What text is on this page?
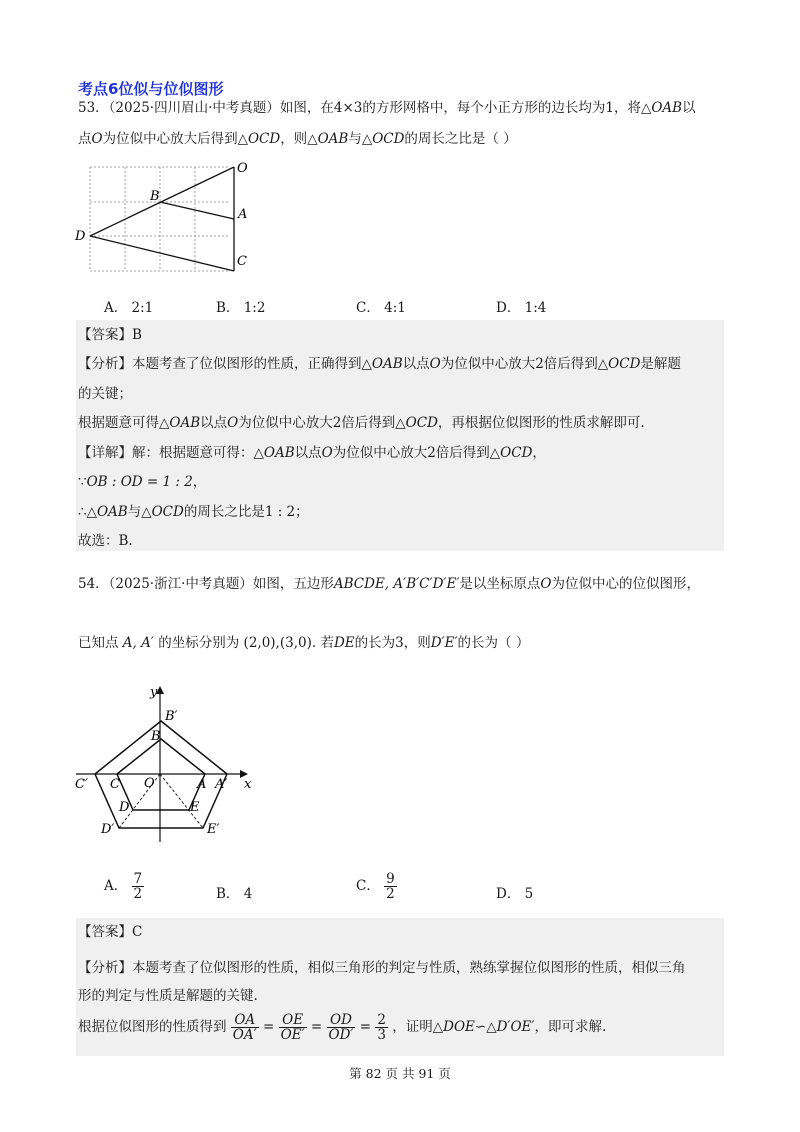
考点6位似与位似图形
53．（2025·四川眉山·中考真题）如图，在4×3的方形网格中，每个小正方形的边长均为1，将△OAB以
点O为位似中心放大后得到△OCD，则△OAB与△OCD的周长之比是（ ）
O
B
A
D
C
A． 2:1	B． 1:2	C． 4:1	D． 1:4
【答案】B
【分析】本题考查了位似图形的性质，正确得到△OAB以点O为位似中心放大2倍后得到△OCD是解题
的关键；
根据题意可得△OAB以点O为位似中心放大2倍后得到△OCD，再根据位似图形的性质求解即可.
【详解】解：根据题意可得：△OAB以点O为位似中心放大2倍后得到△OCD，
∵OB : OD = 1 : 2，
∴△OAB与△OCD的周长之比是1 : 2；
故选：B.
54．（2025·浙江·中考真题）如图，五边形ABCDE, A′B′C′D′E′是以坐标原点O为位似中心的位似图形，
已知点 A, A′ 的坐标分别为 (2,0),(3,0). 若DE的长为3，则D′E′的长为（ ）
y
x
B′
B
C′ C O	A A′
D	E
D′	E′
A． $\frac{7}{2}$	B． 4	C． $\frac{9}{2}$	D． 5
【答案】C
【分析】本题考查了位似图形的性质，相似三角形的判定与性质，熟练掌握位似图形的性质，相似三角
形的判定与性质是解题的关键.
根据位似图形的性质得到 $\frac{OA}{OA'} = \frac{OE}{OE'} = \frac{OD}{OD'} = \frac{2}{3}$ ，证明△DOE∽△D′OE′，即可求解.
第 82 页 共 91 页
